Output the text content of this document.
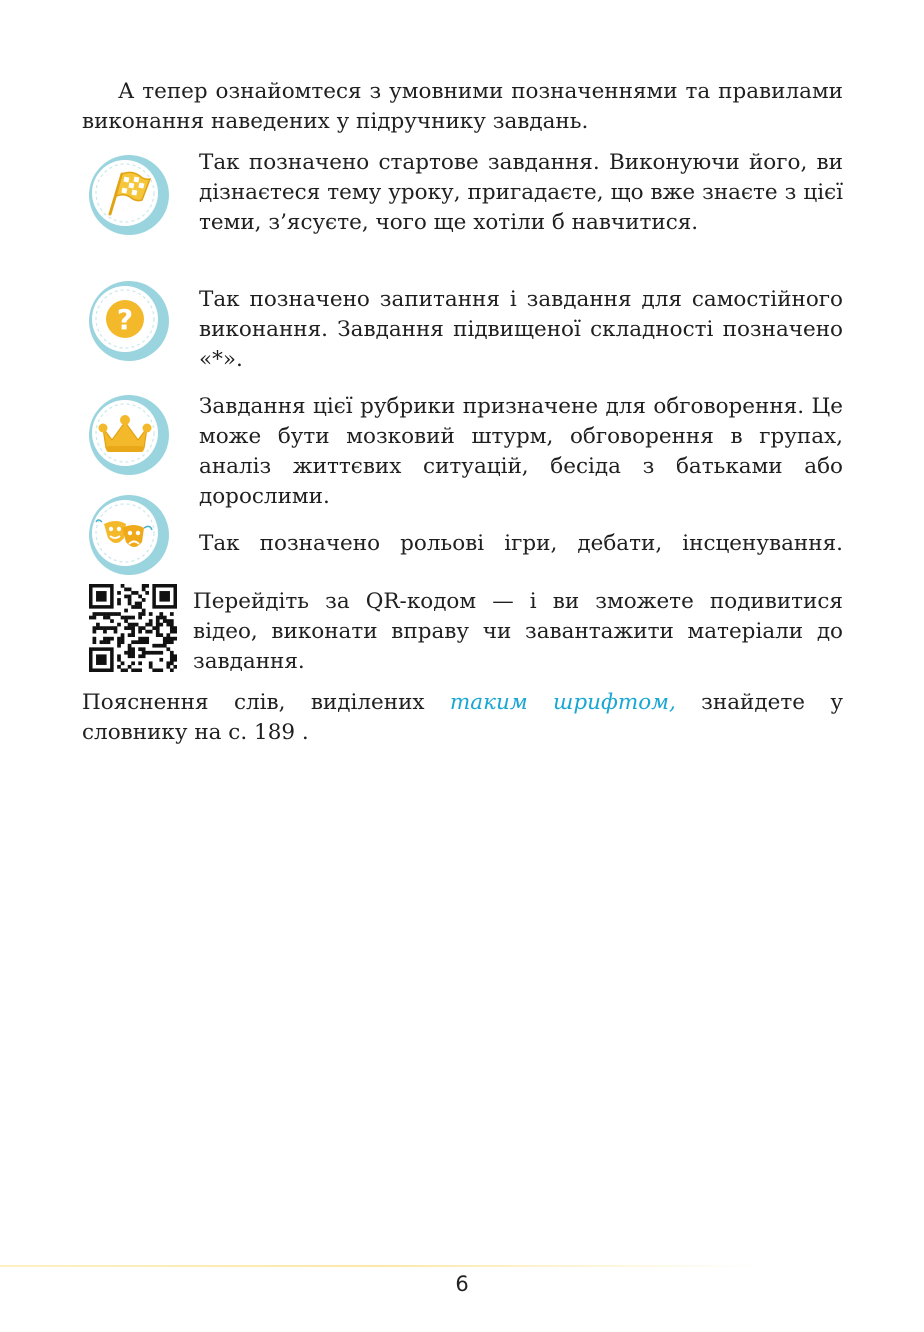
А тепер ознайомтеся з умовними позначеннями та правилами виконання наведених у підручнику завдань.

Так позначено стартове завдання. Виконуючи його, ви дізнаєтеся тему уроку, пригадаєте, що вже знаєте з цієї теми, з’ясуєте, чого ще хотіли б навчитися.

?

Так позначено запитання і завдання для самостійного виконання. Завдання підвищеної складності позначено «*».

Завдання цієї рубрики призначене для обговорення. Це може бути мозковий штурм, обговорення в групах, аналіз життєвих ситуацій, бесіда з батьками або дорослими.

Так позначено рольові ігри, дебати, інсценування.

Перейдіть за QR-кодом — і ви зможете подивитися відео, виконати вправу чи завантажити матеріали до завдання.

Пояснення слів, виділених таким шрифтом, знайдете у словнику на с. 189 .

6
